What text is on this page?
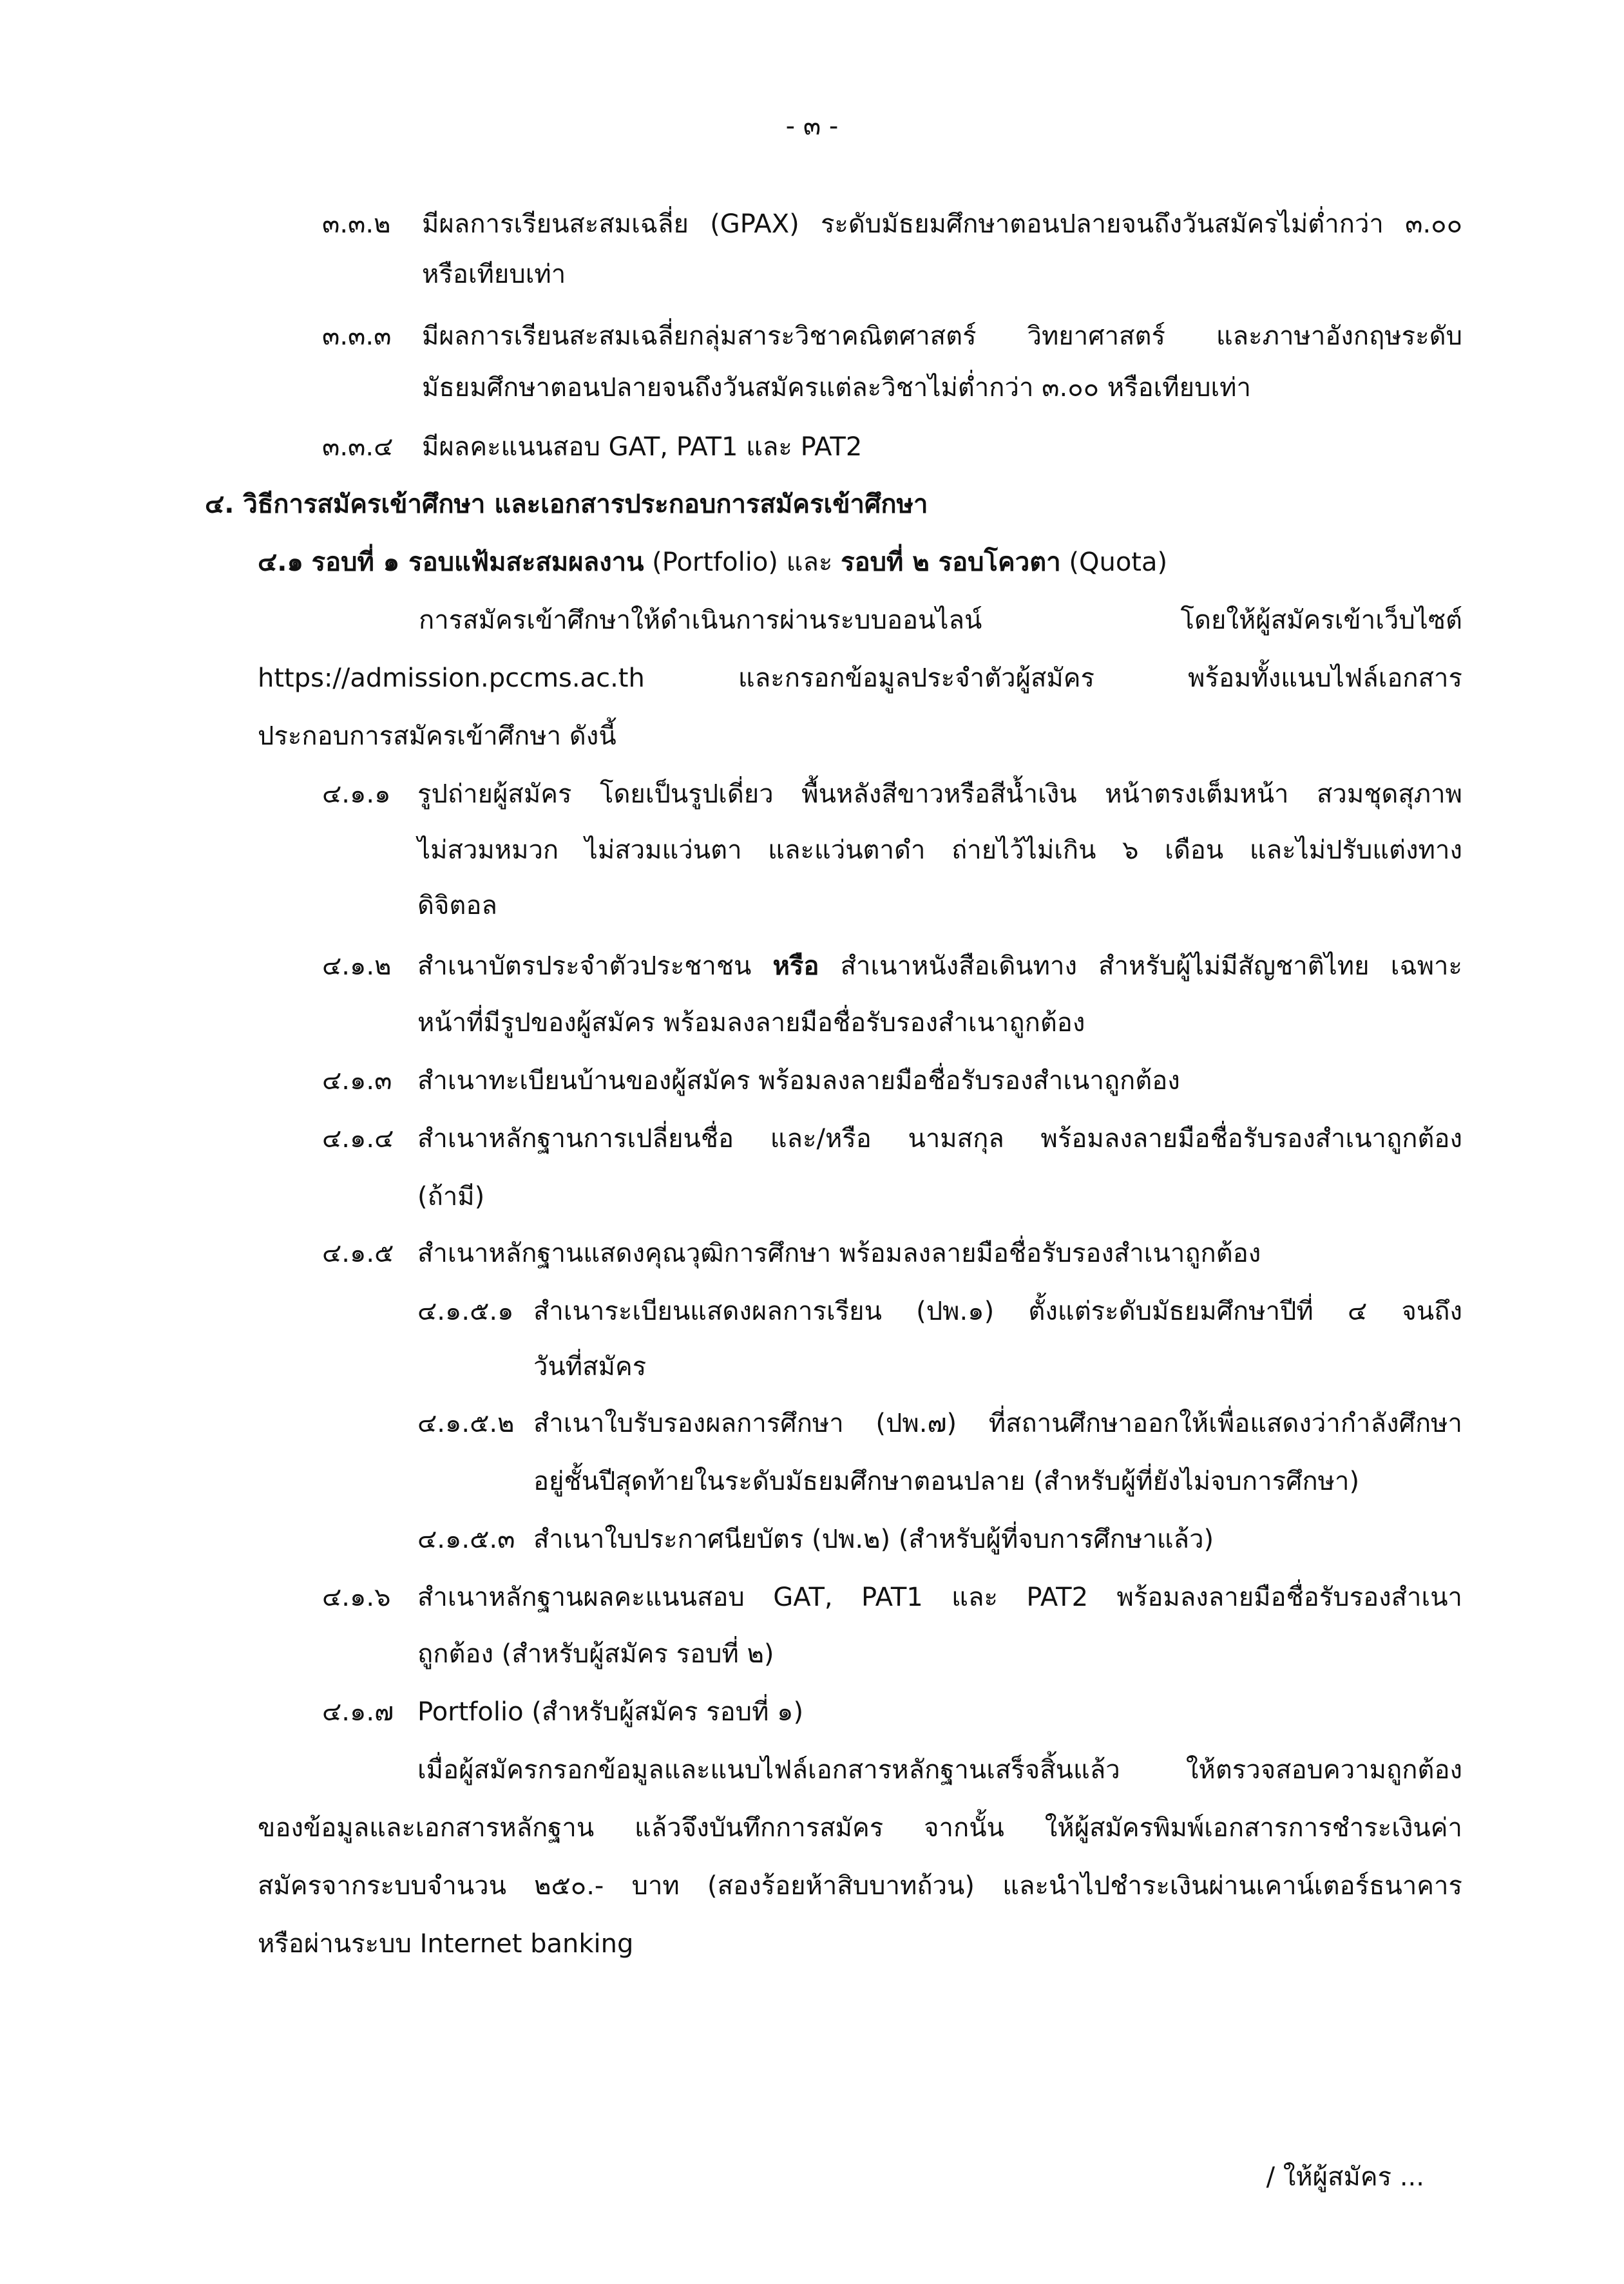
- ๓ -
๓.๓.๒ มีผลการเรียนสะสมเฉลี่ย (GPAX) ระดับมัธยมศึกษาตอนปลายจนถึงวันสมัครไม่ต่ำกว่า ๓.๐๐
หรือเทียบเท่า
๓.๓.๓ มีผลการเรียนสะสมเฉลี่ยกลุ่มสาระวิชาคณิตศาสตร์ วิทยาศาสตร์ และภาษาอังกฤษระดับ
มัธยมศึกษาตอนปลายจนถึงวันสมัครแต่ละวิชาไม่ต่ำกว่า ๓.๐๐ หรือเทียบเท่า
๓.๓.๔ มีผลคะแนนสอบ GAT, PAT1 และ PAT2
๔. วิธีการสมัครเข้าศึกษา และเอกสารประกอบการสมัครเข้าศึกษา
๔.๑ รอบที่ ๑ รอบแฟ้มสะสมผลงาน (Portfolio) และ รอบที่ ๒ รอบโควตา (Quota)
การสมัครเข้าศึกษาให้ดำเนินการผ่านระบบออนไลน์ โดยให้ผู้สมัครเข้าเว็บไซต์
https://admission.pccms.ac.th และกรอกข้อมูลประจำตัวผู้สมัคร พร้อมทั้งแนบไฟล์เอกสาร
ประกอบการสมัครเข้าศึกษา ดังนี้
๔.๑.๑ รูปถ่ายผู้สมัคร โดยเป็นรูปเดี่ยว พื้นหลังสีขาวหรือสีน้ำเงิน หน้าตรงเต็มหน้า สวมชุดสุภาพ
ไม่สวมหมวก ไม่สวมแว่นตา และแว่นตาดำ ถ่ายไว้ไม่เกิน ๖ เดือน และไม่ปรับแต่งทาง
ดิจิตอล
๔.๑.๒ สำเนาบัตรประจำตัวประชาชน หรือ สำเนาหนังสือเดินทาง สำหรับผู้ไม่มีสัญชาติไทย เฉพาะ
หน้าที่มีรูปของผู้สมัคร พร้อมลงลายมือชื่อรับรองสำเนาถูกต้อง
๔.๑.๓ สำเนาทะเบียนบ้านของผู้สมัคร พร้อมลงลายมือชื่อรับรองสำเนาถูกต้อง
๔.๑.๔ สำเนาหลักฐานการเปลี่ยนชื่อ และ/หรือ นามสกุล พร้อมลงลายมือชื่อรับรองสำเนาถูกต้อง
(ถ้ามี)
๔.๑.๕ สำเนาหลักฐานแสดงคุณวุฒิการศึกษา พร้อมลงลายมือชื่อรับรองสำเนาถูกต้อง
๔.๑.๕.๑ สำเนาระเบียนแสดงผลการเรียน (ปพ.๑) ตั้งแต่ระดับมัธยมศึกษาปีที่ ๔ จนถึง
วันที่สมัคร
๔.๑.๕.๒ สำเนาใบรับรองผลการศึกษา (ปพ.๗) ที่สถานศึกษาออกให้เพื่อแสดงว่ากำลังศึกษา
อยู่ชั้นปีสุดท้ายในระดับมัธยมศึกษาตอนปลาย (สำหรับผู้ที่ยังไม่จบการศึกษา)
๔.๑.๕.๓ สำเนาใบประกาศนียบัตร (ปพ.๒) (สำหรับผู้ที่จบการศึกษาแล้ว)
๔.๑.๖ สำเนาหลักฐานผลคะแนนสอบ GAT, PAT1 และ PAT2 พร้อมลงลายมือชื่อรับรองสำเนา
ถูกต้อง (สำหรับผู้สมัคร รอบที่ ๒)
๔.๑.๗ Portfolio (สำหรับผู้สมัคร รอบที่ ๑)
เมื่อผู้สมัครกรอกข้อมูลและแนบไฟล์เอกสารหลักฐานเสร็จสิ้นแล้ว ให้ตรวจสอบความถูกต้อง
ของข้อมูลและเอกสารหลักฐาน แล้วจึงบันทึกการสมัคร จากนั้น ให้ผู้สมัครพิมพ์เอกสารการชำระเงินค่า
สมัครจากระบบจำนวน ๒๕๐.- บาท (สองร้อยห้าสิบบาทถ้วน) และนำไปชำระเงินผ่านเคาน์เตอร์ธนาคาร
หรือผ่านระบบ Internet banking
/ ให้ผู้สมัคร ...
